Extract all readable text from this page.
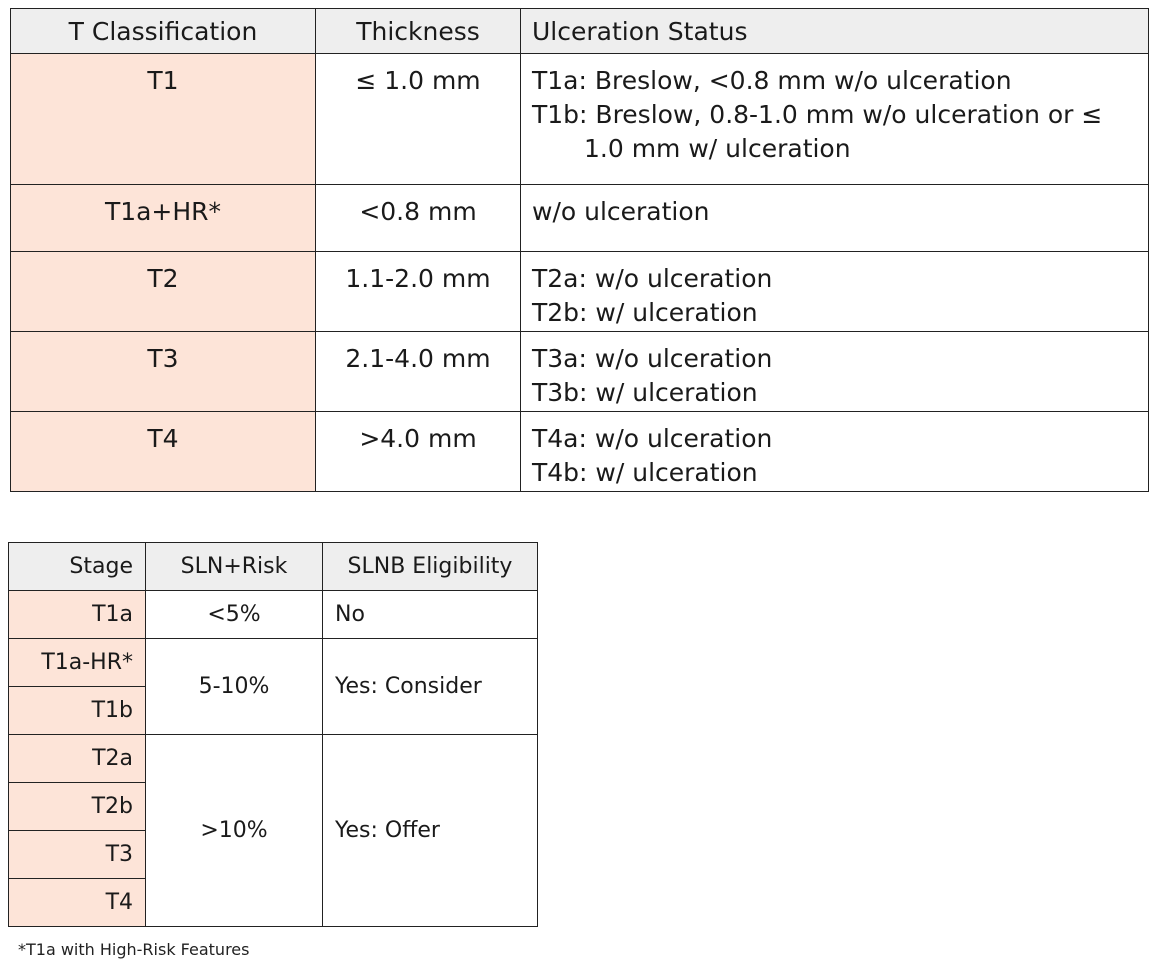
T Classification	Thickness	Ulceration Status
T1	≤ 1.0 mm	T1a: Breslow, <0.8 mm w/o ulceration
T1b: Breslow, 0.8-1.0 mm w/o ulceration or ≤ 1.0 mm w/ ulceration

T1a+HR*	<0.8 mm	w/o ulceration

T2	1.1-2.0 mm	T2a: w/o ulceration
T2b: w/ ulceration

T3	2.1-4.0 mm	T3a: w/o ulceration
T3b: w/ ulceration

T4	>4.0 mm	T4a: w/o ulceration
T4b: w/ ulceration
Stage	SLN+Risk	SLNB Eligibility
T1a	<5%	No
T1a-HR*	5-10%	Yes: Consider
T1b		
T2a	>10%	Yes: Offer
T2b		
T3		
T4		
*T1a with High-Risk Features
